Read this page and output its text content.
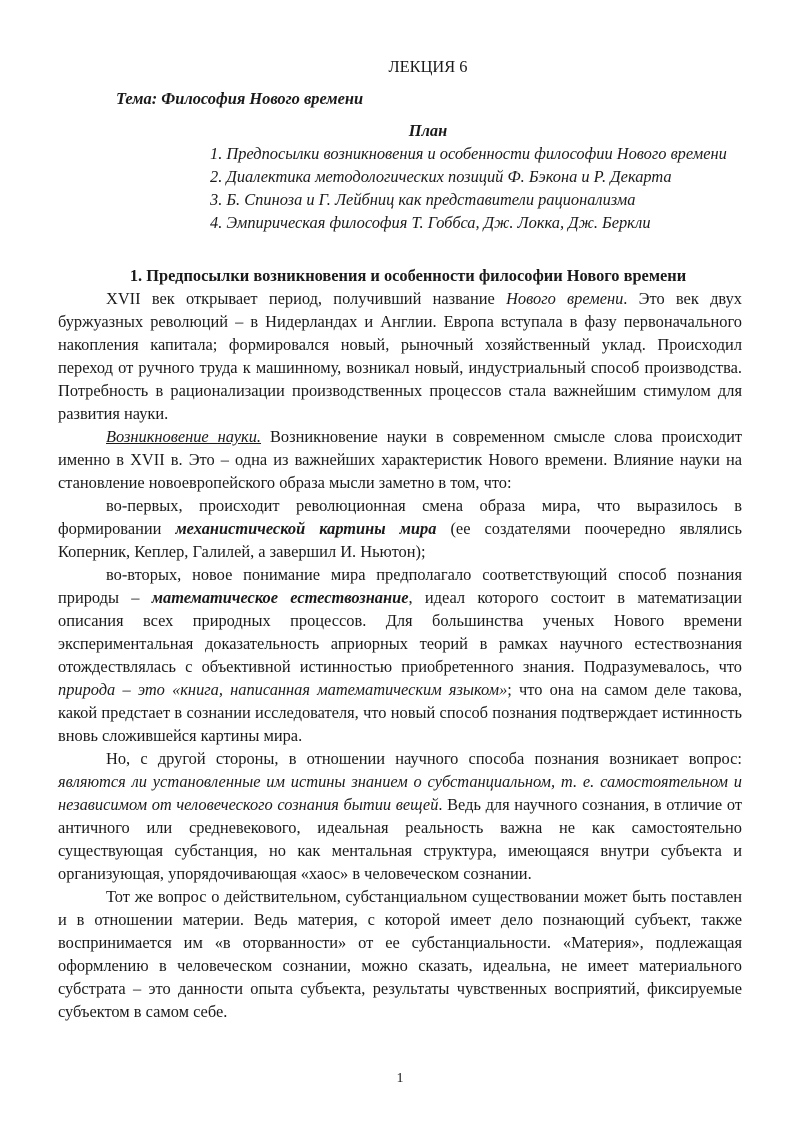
ЛЕКЦИЯ 6
Тема: Философия Нового времени
План
1. Предпосылки возникновения и особенности философии Нового времени
2. Диалектика методологических позиций Ф. Бэкона и Р. Декарта
3. Б. Спиноза и Г. Лейбниц как представители рационализма
4. Эмпирическая философия Т. Гоббса, Дж. Локка, Дж. Беркли
1. Предпосылки возникновения и особенности философии Нового времени

XVII век открывает период, получивший название Нового времени. Это век двух буржуазных революций – в Нидерландах и Англии. Европа вступала в фазу первоначального накопления капитала; формировался новый, рыночный хозяйственный уклад. Происходил переход от ручного труда к машинному, возникал новый, индустриальный способ производства. Потребность в рационализации производственных процессов стала важнейшим стимулом для развития науки.

Возникновение науки. Возникновение науки в современном смысле слова происходит именно в XVII в. Это – одна из важнейших характеристик Нового времени. Влияние науки на становление новоевропейского образа мысли заметно в том, что:

во-первых, происходит революционная смена образа мира, что выразилось в формировании механистической картины мира (ее создателями поочередно являлись Коперник, Кеплер, Галилей, а завершил И. Ньютон);

во-вторых, новое понимание мира предполагало соответствующий способ познания природы – математическое естествознание, идеал которого состоит в математизации описания всех природных процессов. Для большинства ученых Нового времени экспериментальная доказательность априорных теорий в рамках научного естествознания отождествлялась с объективной истинностью приобретенного знания. Подразумевалось, что природа – это «книга, написанная математическим языком»; что она на самом деле такова, какой предстает в сознании исследователя, что новый способ познания подтверждает истинность вновь сложившейся картины мира.

Но, с другой стороны, в отношении научного способа познания возникает вопрос: являются ли установленные им истины знанием о субстанциальном, т. е. самостоятельном и независимом от человеческого сознания бытии вещей. Ведь для научного сознания, в отличие от античного или средневекового, идеальная реальность важна не как самостоятельно существующая субстанция, но как ментальная структура, имеющаяся внутри субъекта и организующая, упорядочивающая «хаос» в человеческом сознании.

Тот же вопрос о действительном, субстанциальном существовании может быть поставлен и в отношении материи. Ведь материя, с которой имеет дело познающий субъект, также воспринимается им «в оторванности» от ее субстанциальности. «Материя», подлежащая оформлению в человеческом сознании, можно сказать, идеальна, не имеет материального субстрата – это данности опыта субъекта, результаты чувственных восприятий, фиксируемые субъектом в самом себе.

1
